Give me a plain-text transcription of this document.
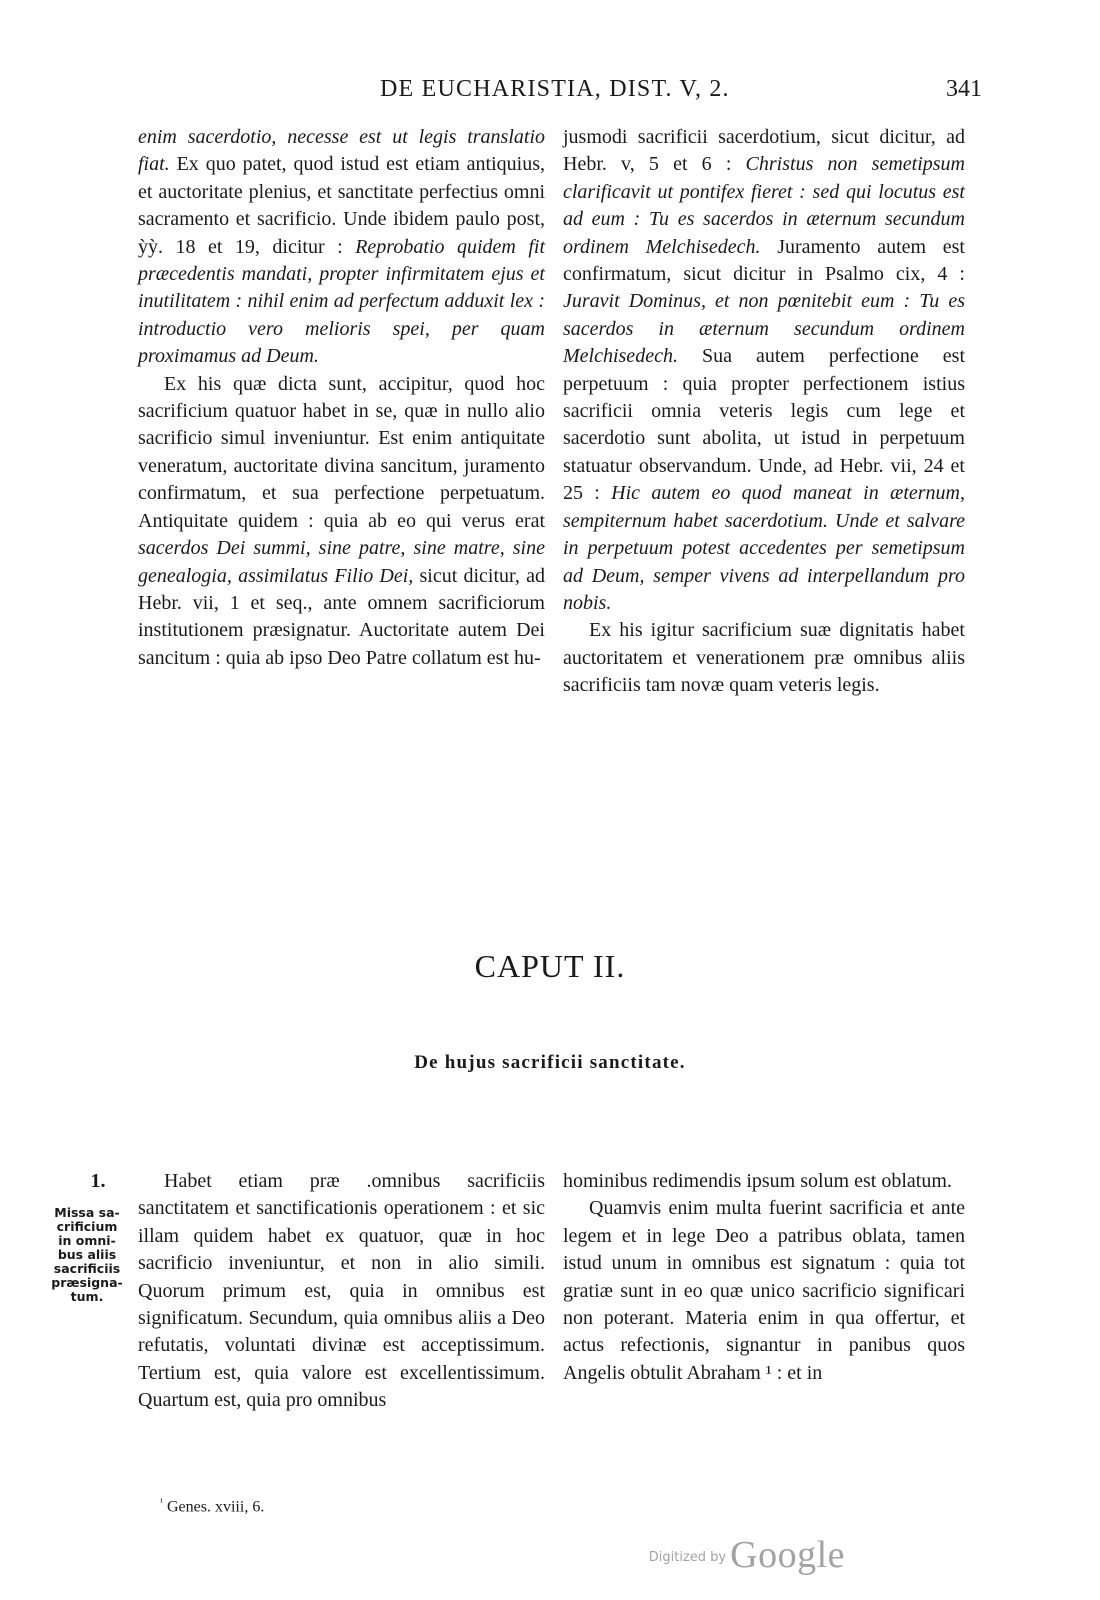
DE EUCHARISTIA, DIST. V, 2.	341

enim sacerdotio, necesse est ut legis translatio fiat. Ex quo patet, quod istud est etiam antiquius, et auctoritate plenius, et sanctitate perfectius omni sacramento et sacrificio. Unde ibidem paulo post, ỳỳ. 18 et 19, dicitur : Reprobatio quidem fit præcedentis mandati, propter infirmitatem ejus et inutilitatem : nihil enim ad perfectum adduxit lex : introductio vero melioris spei, per quam proximamus ad Deum.

Ex his quæ dicta sunt, accipitur, quod hoc sacrificium quatuor habet in se, quæ in nullo alio sacrificio simul inveniuntur. Est enim antiquitate veneratum, auctoritate divina sancitum, juramento confirmatum, et sua perfectione perpetuatum. Antiquitate quidem : quia ab eo qui verus erat sacerdos Dei summi, sine patre, sine matre, sine genealogia, assimilatus Filio Dei, sicut dicitur, ad Hebr. vii, 1 et seq., ante omnem sacrificiorum institutionem præsignatur. Auctoritate autem Dei sancitum : quia ab ipso Deo Patre collatum est hu-

jusmodi sacrificii sacerdotium, sicut dicitur, ad Hebr. v, 5 et 6 : Christus non semetipsum clarificavit ut pontifex fieret : sed qui locutus est ad eum : Tu es sacerdos in æternum secundum ordinem Melchisedech. Juramento autem est confirmatum, sicut dicitur in Psalmo cix, 4 : Juravit Dominus, et non pœnitebit eum : Tu es sacerdos in æternum secundum ordinem Melchisedech. Sua autem perfectione est perpetuum : quia propter perfectionem istius sacrificii omnia veteris legis cum lege et sacerdotio sunt abolita, ut istud in perpetuum statuatur observandum. Unde, ad Hebr. vii, 24 et 25 : Hic autem eo quod maneat in æternum, sempiternum habet sacerdotium. Unde et salvare in perpetuum potest accedentes per semetipsum ad Deum, semper vivens ad interpellandum pro nobis.

Ex his igitur sacrificium suæ dignitatis habet auctoritatem et venerationem præ omnibus aliis sacrificiis tam novæ quam veteris legis.

CAPUT II.
De hujus sacrificii sanctitate.
1.
Missa sa-
crificium
in omni-
bus aliis
sacrificiis
præsigna-
tum.

Habet etiam præ .omnibus sacrificiis sanctitatem et sanctificationis operationem : et sic illam quidem habet ex quatuor, quæ in hoc sacrificio inveniuntur, et non in alio simili. Quorum primum est, quia in omnibus est significatum. Secundum, quia omnibus aliis a Deo refutatis, voluntati divinæ est acceptissimum. Tertium est, quia valore est excellentissimum. Quartum est, quia pro omnibus

hominibus redimendis ipsum solum est oblatum.

Quamvis enim multa fuerint sacrificia et ante legem et in lege Deo a patribus oblata, tamen istud unum in omnibus est signatum : quia tot gratiæ sunt in eo quæ unico sacrificio significari non poterant. Materia enim in qua offertur, et actus refectionis, signantur in panibus quos Angelis obtulit Abraham ¹ : et in

$^{^1}$ Genes. xviii, 6.
$^{Digitized by}$ Google
